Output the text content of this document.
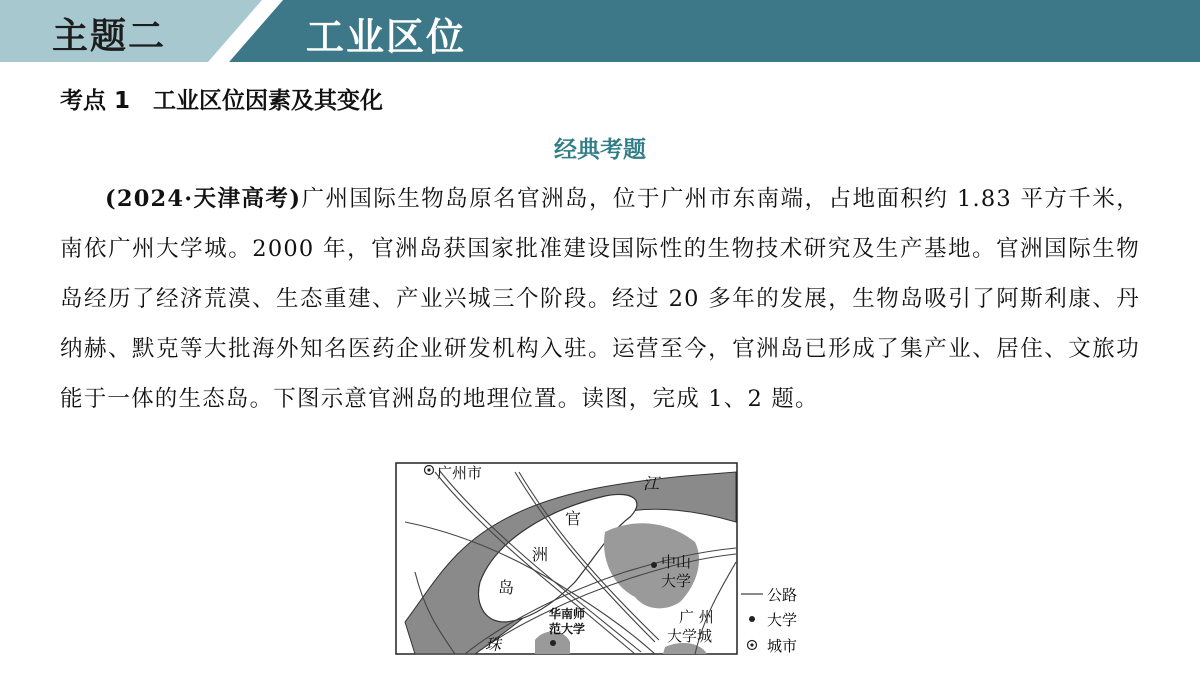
主题二	工业区位
考点 1　工业区位因素及其变化
经典考题
(2024·天津高考)广州国际生物岛原名官洲岛，位于广州市东南端，占地面积约 1.83 平方千米，南依广州大学城。2000 年，官洲岛获国家批准建设国际性的生物技术研究及生产基地。官洲国际生物岛经历了经济荒漠、生态重建、产业兴城三个阶段。经过 20 多年的发展，生物岛吸引了阿斯利康、丹纳赫、默克等大批海外知名医药企业研发机构入驻。运营至今，官洲岛已形成了集产业、居住、文旅功能于一体的生态岛。下图示意官洲岛的地理位置。读图，完成 1、2 题。
广州市
江
珠
官
洲
岛
中山
大学
华南师
范大学
广 州
大学城
公路
大学
城市
